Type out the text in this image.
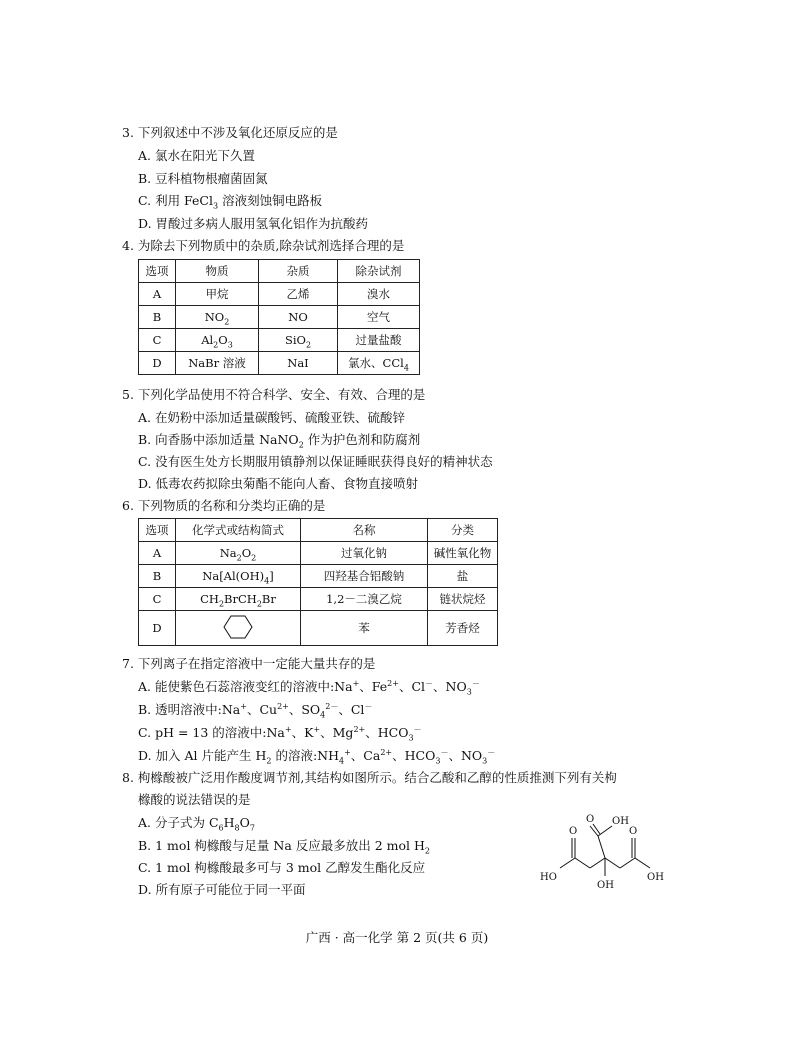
3. 下列叙述中不涉及氧化还原反应的是
A. 氯水在阳光下久置
B. 豆科植物根瘤菌固氮
C. 利用 FeCl$_3$ 溶液刻蚀铜电路板
D. 胃酸过多病人服用氢氧化铝作为抗酸药
4. 为除去下列物质中的杂质,除杂试剂选择合理的是
选项	物质	杂质	除杂试剂
A	甲烷	乙烯	溴水
B	$NO_2$	NO	空气
C	$Al_2O_3$	SiO$_2$	过量盐酸
D	NaBr 溶液	NaI	氯水、CCl$_4$
5. 下列化学品使用不符合科学、安全、有效、合理的是
A. 在奶粉中添加适量碳酸钙、硫酸亚铁、硫酸锌
B. 向香肠中添加适量 NaNO$_2$ 作为护色剂和防腐剂
C. 没有医生处方长期服用镇静剂以保证睡眠获得良好的精神状态
D. 低毒农药拟除虫菊酯不能向人畜、食物直接喷射
6. 下列物质的名称和分类均正确的是
选项	化学式或结构简式	名称	分类
A	$Na_2O_2$	过氧化钠	碱性氧化物
B	$Na[Al(OH)_4]$	四羟基合铝酸钠	盐
C	$CH_2BrCH_2Br$	1,2－二溴乙烷	链状烷烃
D		苯	芳香烃
7. 下列离子在指定溶液中一定能大量共存的是
A. 能使紫色石蕊溶液变红的溶液中:Na+、$Fe^{2+}$、Cl－、$NO_3^-$
B. 透明溶液中:Na+、$Cu^{2+}$、$SO_4^{2-}$、Cl－
C. pH = 13 的溶液中:Na+、K+、$Mg^{2+}$、$HCO_3^-$
D. 加入 Al 片能产生 $H_2$ 的溶液$:NH_4^+$、$Ca^{2+}$、$HCO_3^-$、$NO_3^-$
8. 枸橼酸被广泛用作酸度调节剂,其结构如图所示。结合乙酸和乙醇的性质推测下列有关枸
橼酸的说法错误的是
A. 分子式为 $C_6H_8O_7$
B. 1 mol 枸橼酸与足量 Na 反应最多放出 2 mol $H_2$
C. 1 mol 枸橼酸最多可与 3 mol 乙醇发生酯化反应
D. 所有原子可能位于同一平面
O	O
O OH
HO
OH
OH
广西 · 高一化学 第 2 页(共 6 页)
